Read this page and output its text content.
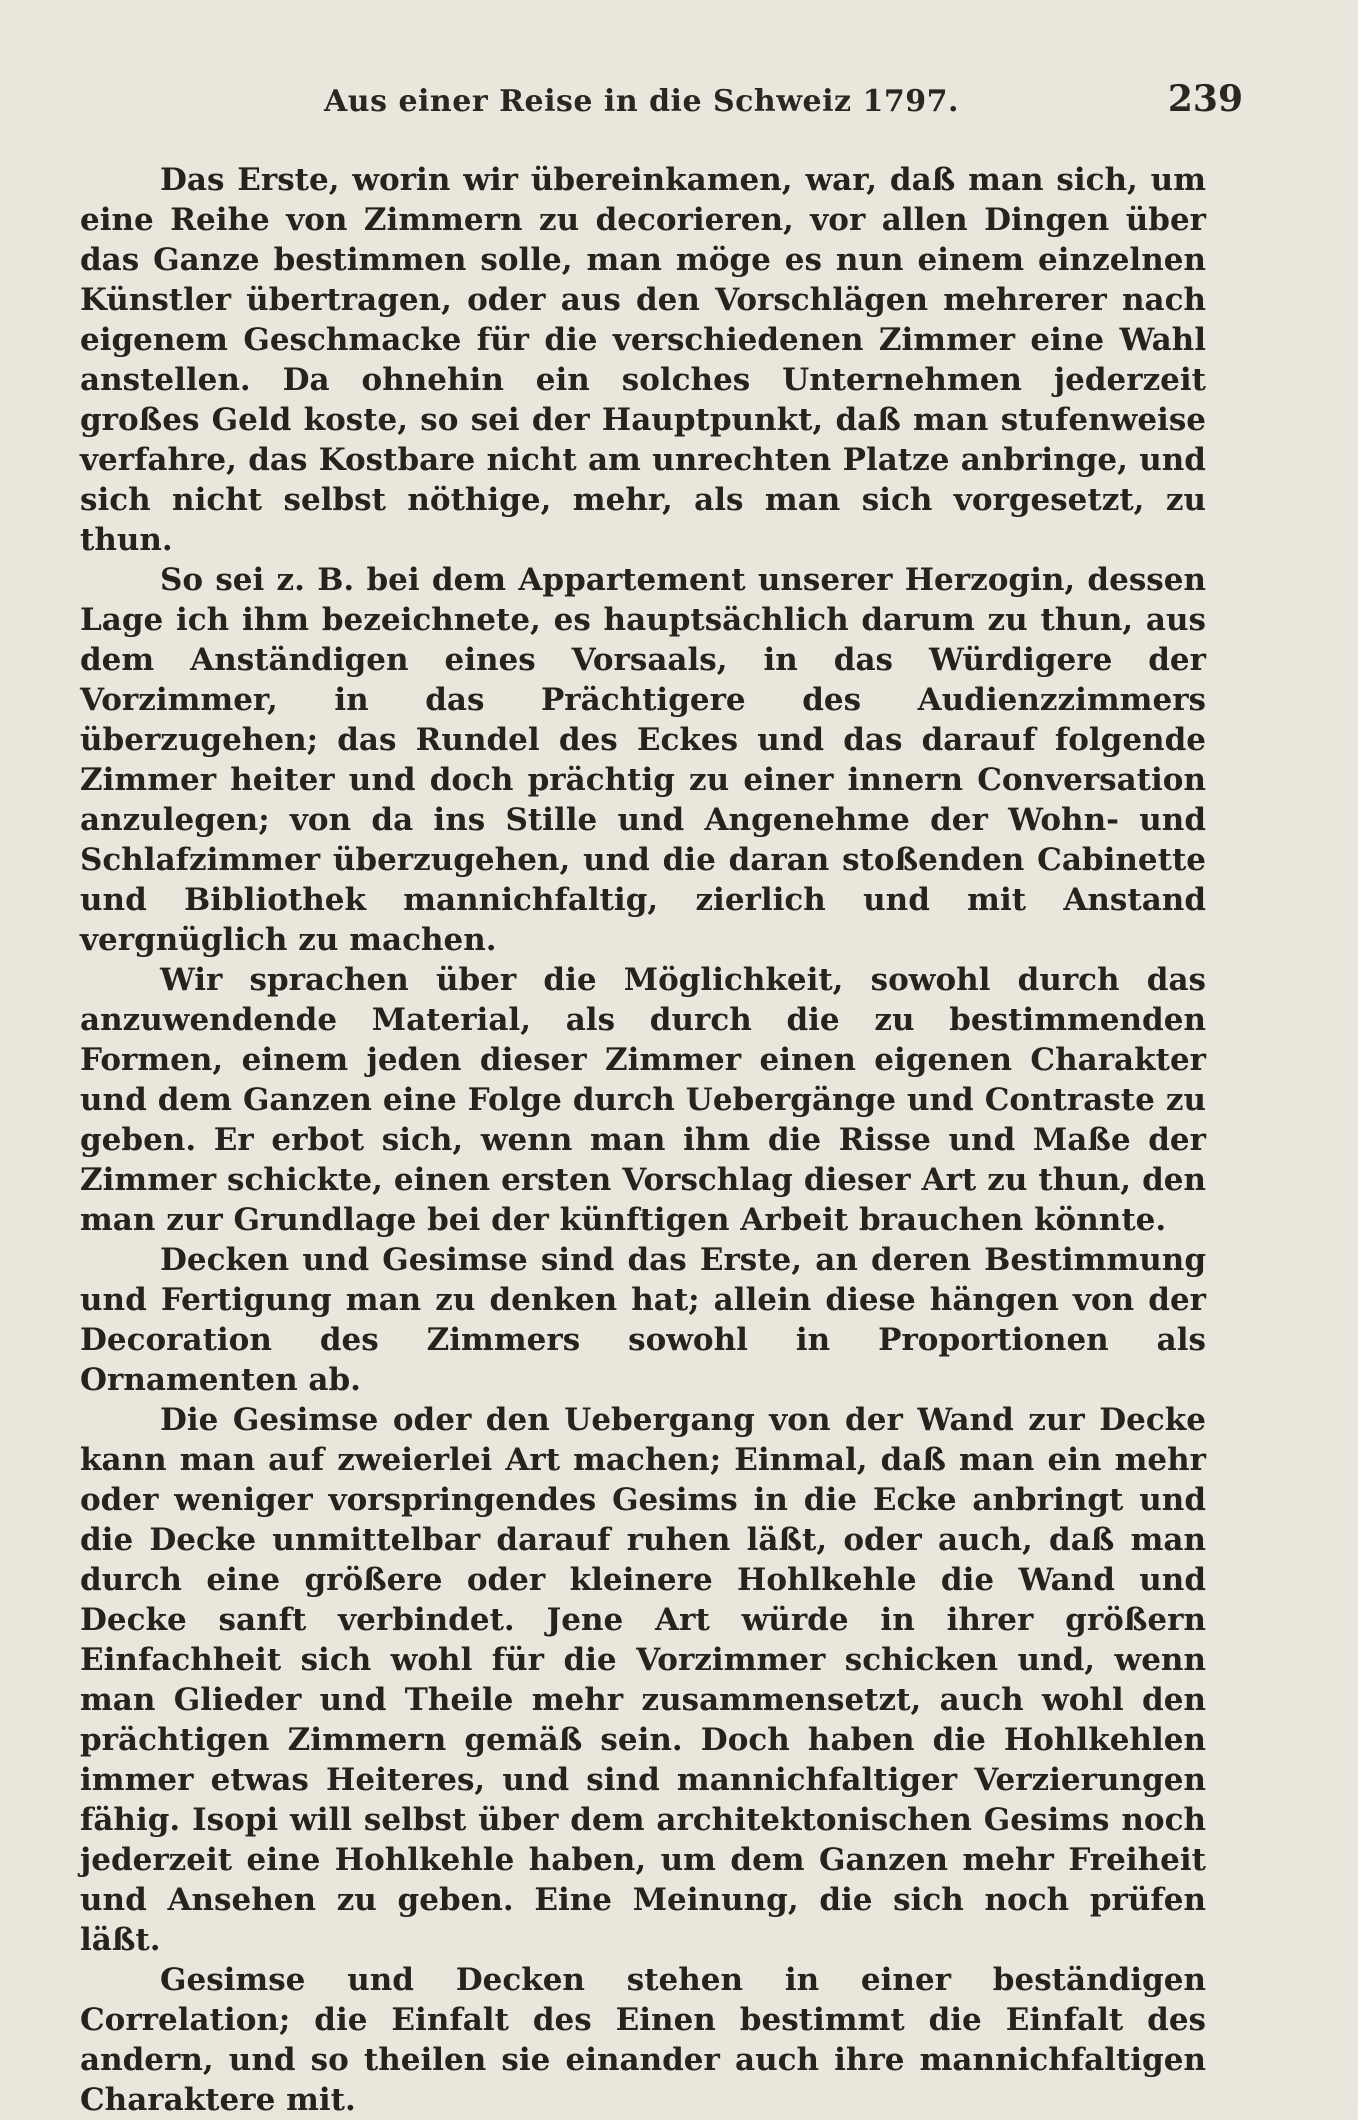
Aus einer Reise in die Schweiz 1797.	239

Das Erste, worin wir übereinkamen, war, daß man sich, um eine Reihe von Zimmern zu decorieren, vor allen Dingen über das Ganze bestimmen solle, man möge es nun einem einzelnen Künstler übertragen, oder aus den Vorschlägen mehrerer nach eigenem Geschmacke für die verschiedenen Zimmer eine Wahl anstellen. Da ohnehin ein solches Unternehmen jederzeit großes Geld koste, so sei der Hauptpunkt, daß man stufenweise verfahre, das Kostbare nicht am unrechten Platze anbringe, und sich nicht selbst nöthige, mehr, als man sich vorgesetzt, zu thun.

So sei z. B. bei dem Appartement unserer Herzogin, dessen Lage ich ihm bezeichnete, es hauptsächlich darum zu thun, aus dem Anständigen eines Vorsaals, in das Würdigere der Vorzimmer, in das Prächtigere des Audienzzimmers überzugehen; das Rundel des Eckes und das darauf folgende Zimmer heiter und doch prächtig zu einer innern Conversation anzulegen; von da ins Stille und Angenehme der Wohn- und Schlafzimmer überzugehen, und die daran stoßenden Cabinette und Bibliothek mannichfaltig, zierlich und mit Anstand vergnüglich zu machen.

Wir sprachen über die Möglichkeit, sowohl durch das anzuwendende Material, als durch die zu bestimmenden Formen, einem jeden dieser Zimmer einen eigenen Charakter und dem Ganzen eine Folge durch Uebergänge und Contraste zu geben. Er erbot sich, wenn man ihm die Risse und Maße der Zimmer schickte, einen ersten Vorschlag dieser Art zu thun, den man zur Grundlage bei der künftigen Arbeit brauchen könnte.

Decken und Gesimse sind das Erste, an deren Bestimmung und Fertigung man zu denken hat; allein diese hängen von der Decoration des Zimmers sowohl in Proportionen als Ornamenten ab.

Die Gesimse oder den Uebergang von der Wand zur Decke kann man auf zweierlei Art machen; Einmal, daß man ein mehr oder weniger vorspringendes Gesims in die Ecke anbringt und die Decke unmittelbar darauf ruhen läßt, oder auch, daß man durch eine größere oder kleinere Hohlkehle die Wand und Decke sanft verbindet. Jene Art würde in ihrer größern Einfachheit sich wohl für die Vorzimmer schicken und, wenn man Glieder und Theile mehr zusammensetzt, auch wohl den prächtigen Zimmern gemäß sein. Doch haben die Hohlkehlen immer etwas Heiteres, und sind mannichfaltiger Verzierungen fähig. Isopi will selbst über dem architektonischen Gesims noch jederzeit eine Hohlkehle haben, um dem Ganzen mehr Freiheit und Ansehen zu geben. Eine Meinung, die sich noch prüfen läßt.

Gesimse und Decken stehen in einer beständigen Correlation; die Einfalt des Einen bestimmt die Einfalt des andern, und so theilen sie einander auch ihre mannichfaltigen Charaktere mit.
